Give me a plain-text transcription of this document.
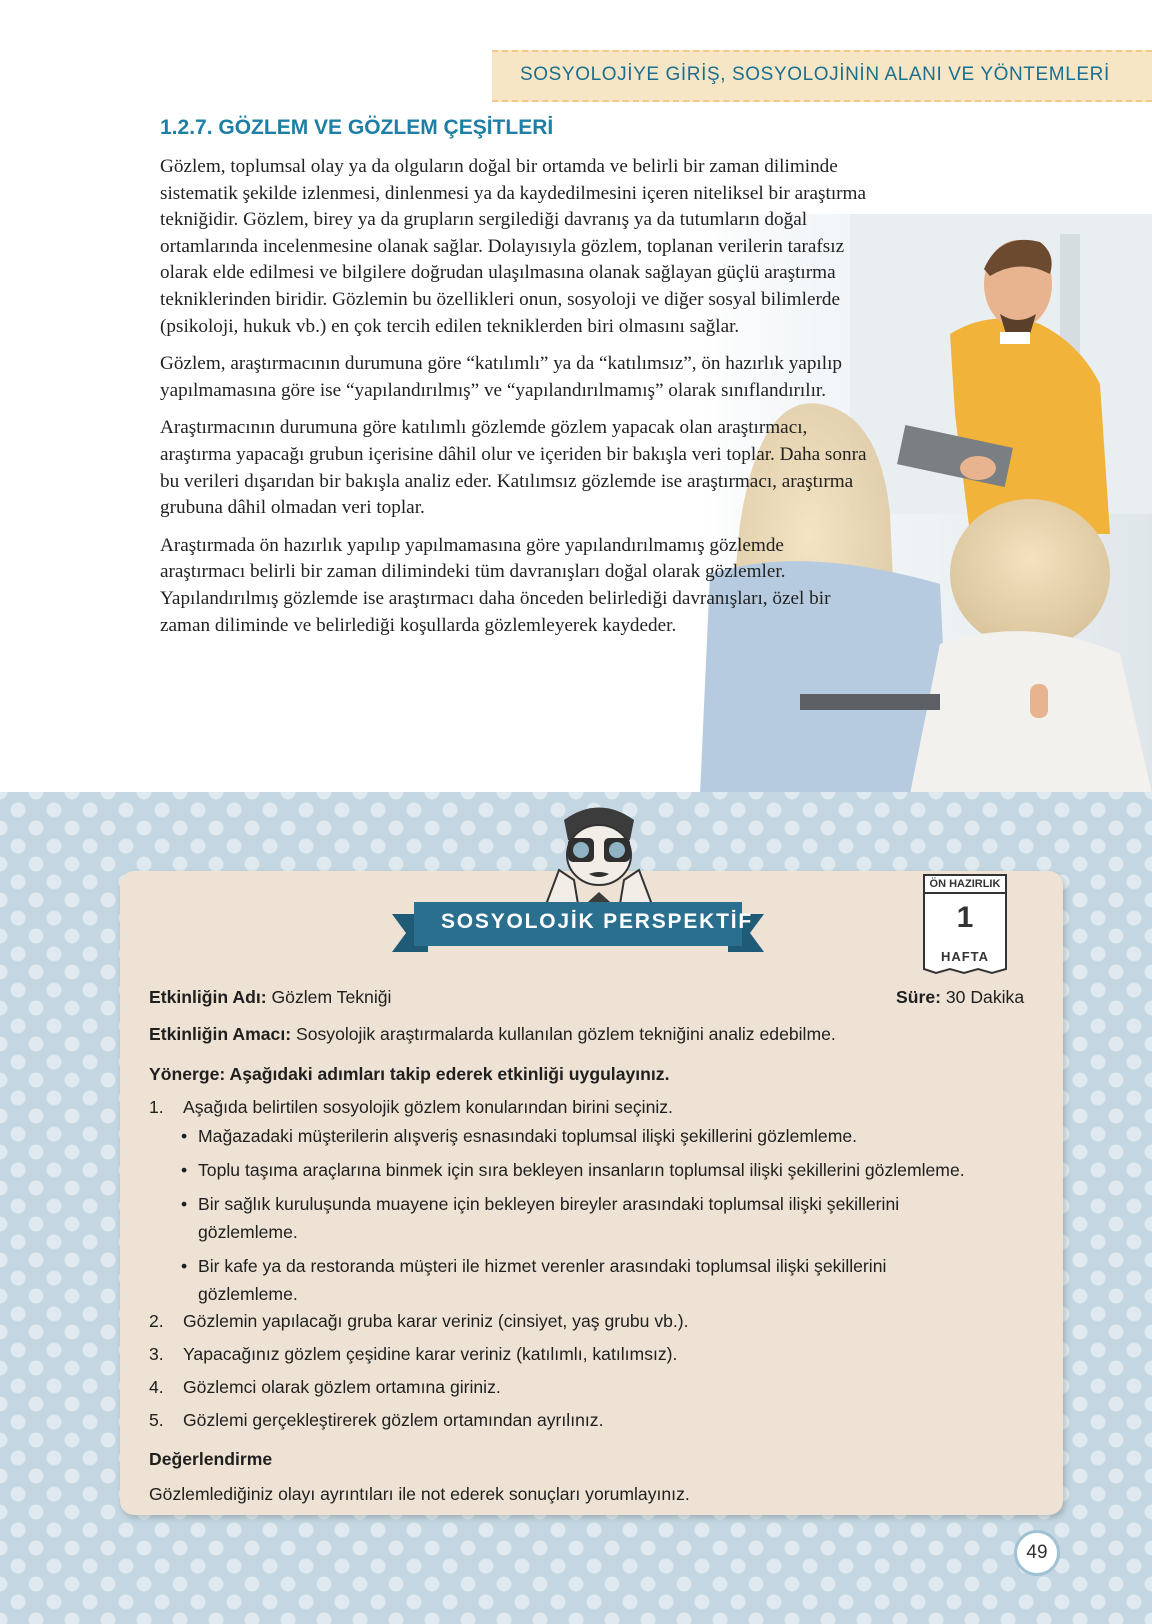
SOSYOLOJİYE GİRİŞ, SOSYOLOJİNİN ALANI VE YÖNTEMLERİ
1.2.7. GÖZLEM VE GÖZLEM ÇEŞİTLERİ

Gözlem, toplumsal olay ya da olguların doğal bir ortamda ve belirli bir zaman diliminde sistematik şekilde izlenmesi, dinlenmesi ya da kaydedilmesini içeren niteliksel bir araştırma tekniğidir. Gözlem, birey ya da grupların sergilediği davranış ya da tutumların doğal ortamlarında incelenmesine olanak sağlar. Dolayısıyla gözlem, toplanan verilerin tarafsız olarak elde edilmesi ve bilgilere doğrudan ulaşılmasına olanak sağlayan güçlü araştırma tekniklerinden biridir. Gözlemin bu özellikleri onun, sosyoloji ve diğer sosyal bilimlerde (psikoloji, hukuk vb.) en çok tercih edilen tekniklerden biri olmasını sağlar.

Gözlem, araştırmacının durumuna göre “katılımlı” ya da “katılımsız”, ön hazırlık yapılıp yapılmamasına göre ise “yapılandırılmış” ve “yapılandırılmamış” olarak sınıflandırılır.

Araştırmacının durumuna göre katılımlı gözlemde gözlem yapacak olan araştırmacı, araştırma yapacağı grubun içerisine dâhil olur ve içeriden bir bakışla veri toplar. Daha sonra bu verileri dışarıdan bir bakışla analiz eder. Katılımsız gözlemde ise araştırmacı, araştırma grubuna dâhil olmadan veri toplar.

Araştırmada ön hazırlık yapılıp yapılmamasına göre yapılandırılmamış gözlemde araştırmacı belirli bir zaman dilimindeki tüm davranışları doğal olarak gözlemler. Yapılandırılmış gözlemde ise araştırmacı daha önceden belirlediği davranışları, özel bir zaman diliminde ve belirlediği koşullarda gözlemleyerek kaydeder.

SOSYOLOJİK PERSPEKTİF
ÖN HAZIRLIK
1
HAFTA
Etkinliğin Adı: Gözlem Tekniği	Süre: 30 Dakika
Etkinliğin Amacı: Sosyolojik araştırmalarda kullanılan gözlem tekniğini analiz edebilme.
Yönerge: Aşağıdaki adımları takip ederek etkinliği uygulayınız.
1. Aşağıda belirtilen sosyolojik gözlem konularından birini seçiniz.
• Mağazadaki müşterilerin alışveriş esnasındaki toplumsal ilişki şekillerini gözlemleme.
• Toplu taşıma araçlarına binmek için sıra bekleyen insanların toplumsal ilişki şekillerini gözlemleme.
• Bir sağlık kuruluşunda muayene için bekleyen bireyler arasındaki toplumsal ilişki şekillerini
gözlemleme.
• Bir kafe ya da restoranda müşteri ile hizmet verenler arasındaki toplumsal ilişki şekillerini
gözlemleme.
2. Gözlemin yapılacağı gruba karar veriniz (cinsiyet, yaş grubu vb.).
3. Yapacağınız gözlem çeşidine karar veriniz (katılımlı, katılımsız).
4. Gözlemci olarak gözlem ortamına giriniz.
5. Gözlemi gerçekleştirerek gözlem ortamından ayrılınız.
Değerlendirme
Gözlemlediğiniz olayı ayrıntıları ile not ederek sonuçları yorumlayınız.
49
